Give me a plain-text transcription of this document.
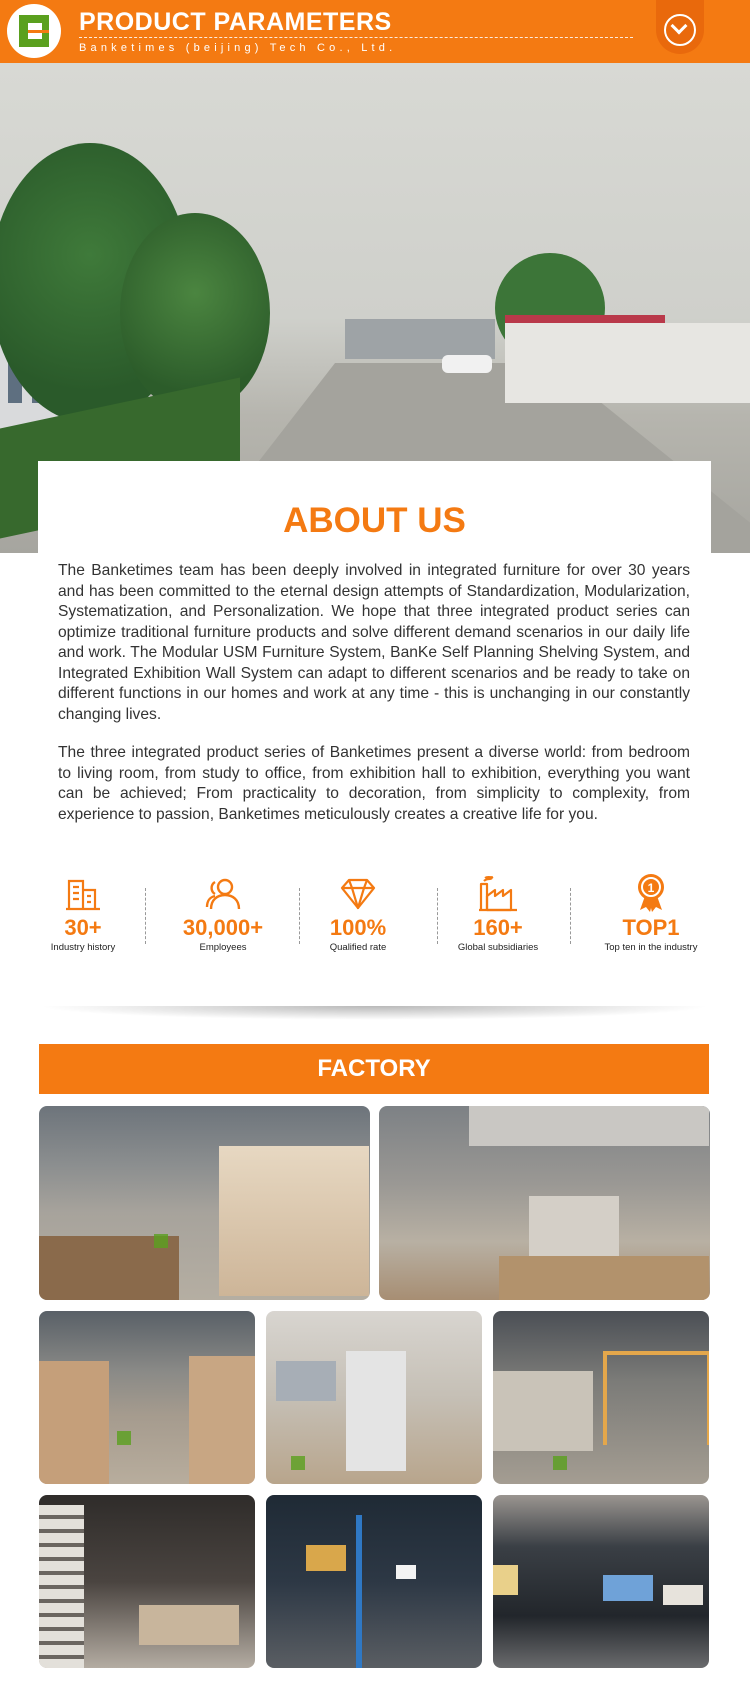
PRODUCT PARAMETERS
Banketimes (beijing) Tech Co., Ltd.
ABOUT US

The Banketimes team has been deeply involved in integrated furniture for over 30 years and has been committed to the eternal design attempts of Standardization, Modularization, Systematization, and Personalization. We hope that three integrated product series can optimize traditional furniture products and solve different demand scenarios in our daily life and work. The Modular USM Furniture System, BanKe Self Planning Shelving System, and Integrated Exhibition Wall System can adapt to different scenarios and be ready to take on different functions in our homes and work at any time - this is unchanging in our constantly changing lives.

The three integrated product series of Banketimes present a diverse world: from bedroom to living room, from study to office, from exhibition hall to exhibition, everything you want can be achieved; From practicality to decoration, from simplicity to complexity, from experience to passion, Banketimes meticulously creates a creative life for you.

30+
Industry history
30,000+
Employees
100%
Qualified rate
160+
Global subsidiaries
1
TOP1
Top ten in the industry
FACTORY
